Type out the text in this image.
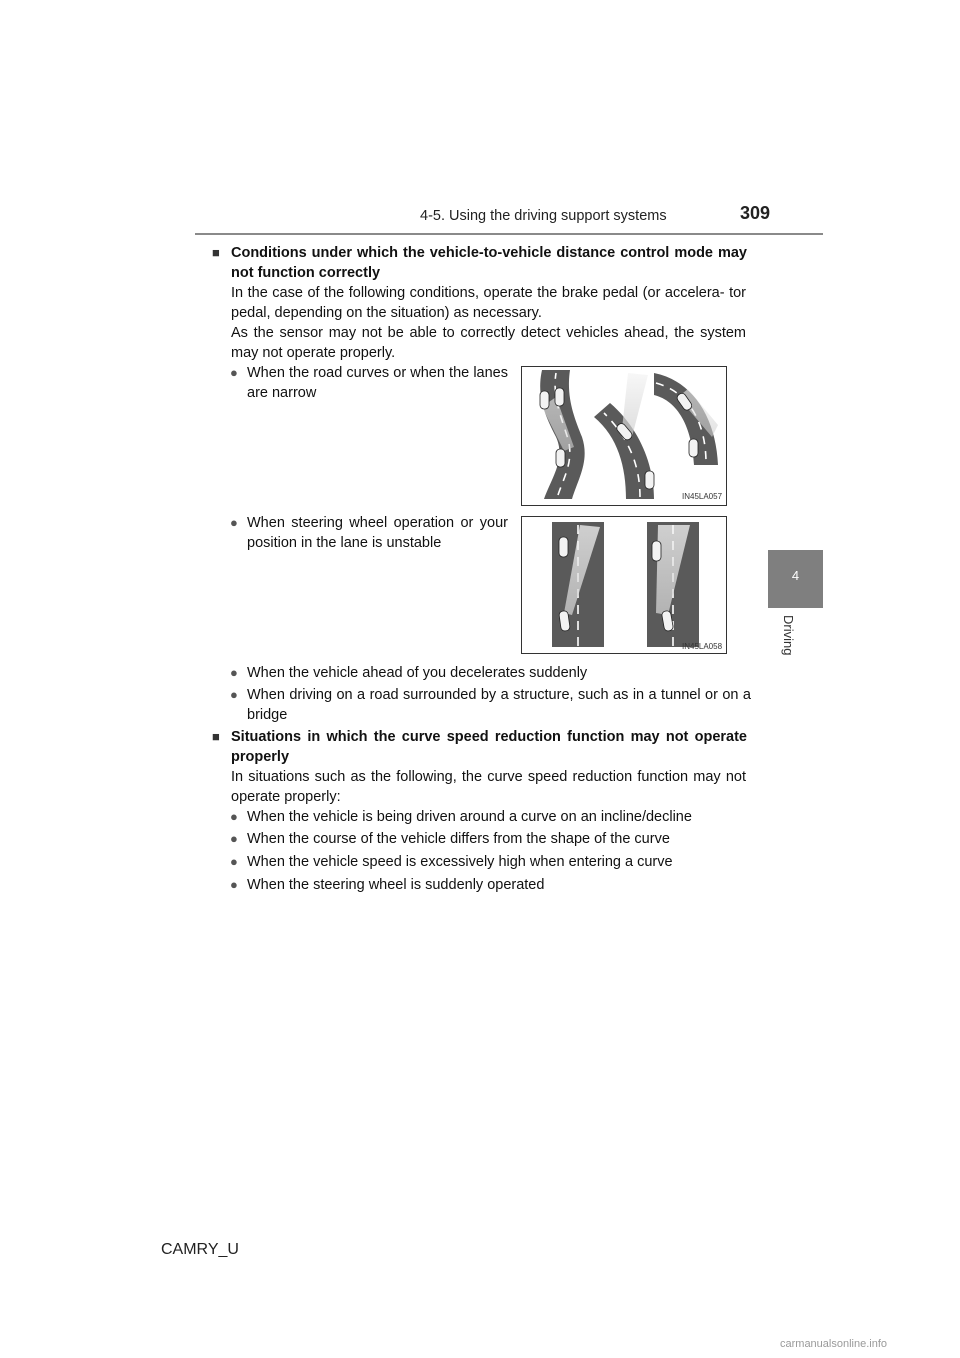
4-5. Using the driving support systems	309
4
Driving
■ Conditions under which the vehicle-to-vehicle distance control mode may not function correctly
In the case of the following conditions, operate the brake pedal (or accelera- tor pedal, depending on the situation) as necessary.
As the sensor may not be able to correctly detect vehicles ahead, the system may not operate properly.
● When the road curves or when the lanes are narrow
IN45LA057
● When steering wheel operation or your position in the lane is unstable
IN45LA058
● When the vehicle ahead of you decelerates suddenly
● When driving on a road surrounded by a structure, such as in a tunnel or on a bridge
■ Situations in which the curve speed reduction function may not operate properly
In situations such as the following, the curve speed reduction function may not operate properly:
● When the vehicle is being driven around a curve on an incline/decline
● When the course of the vehicle differs from the shape of the curve
● When the vehicle speed is excessively high when entering a curve
● When the steering wheel is suddenly operated
CAMRY_U
carmanualsonline.info
